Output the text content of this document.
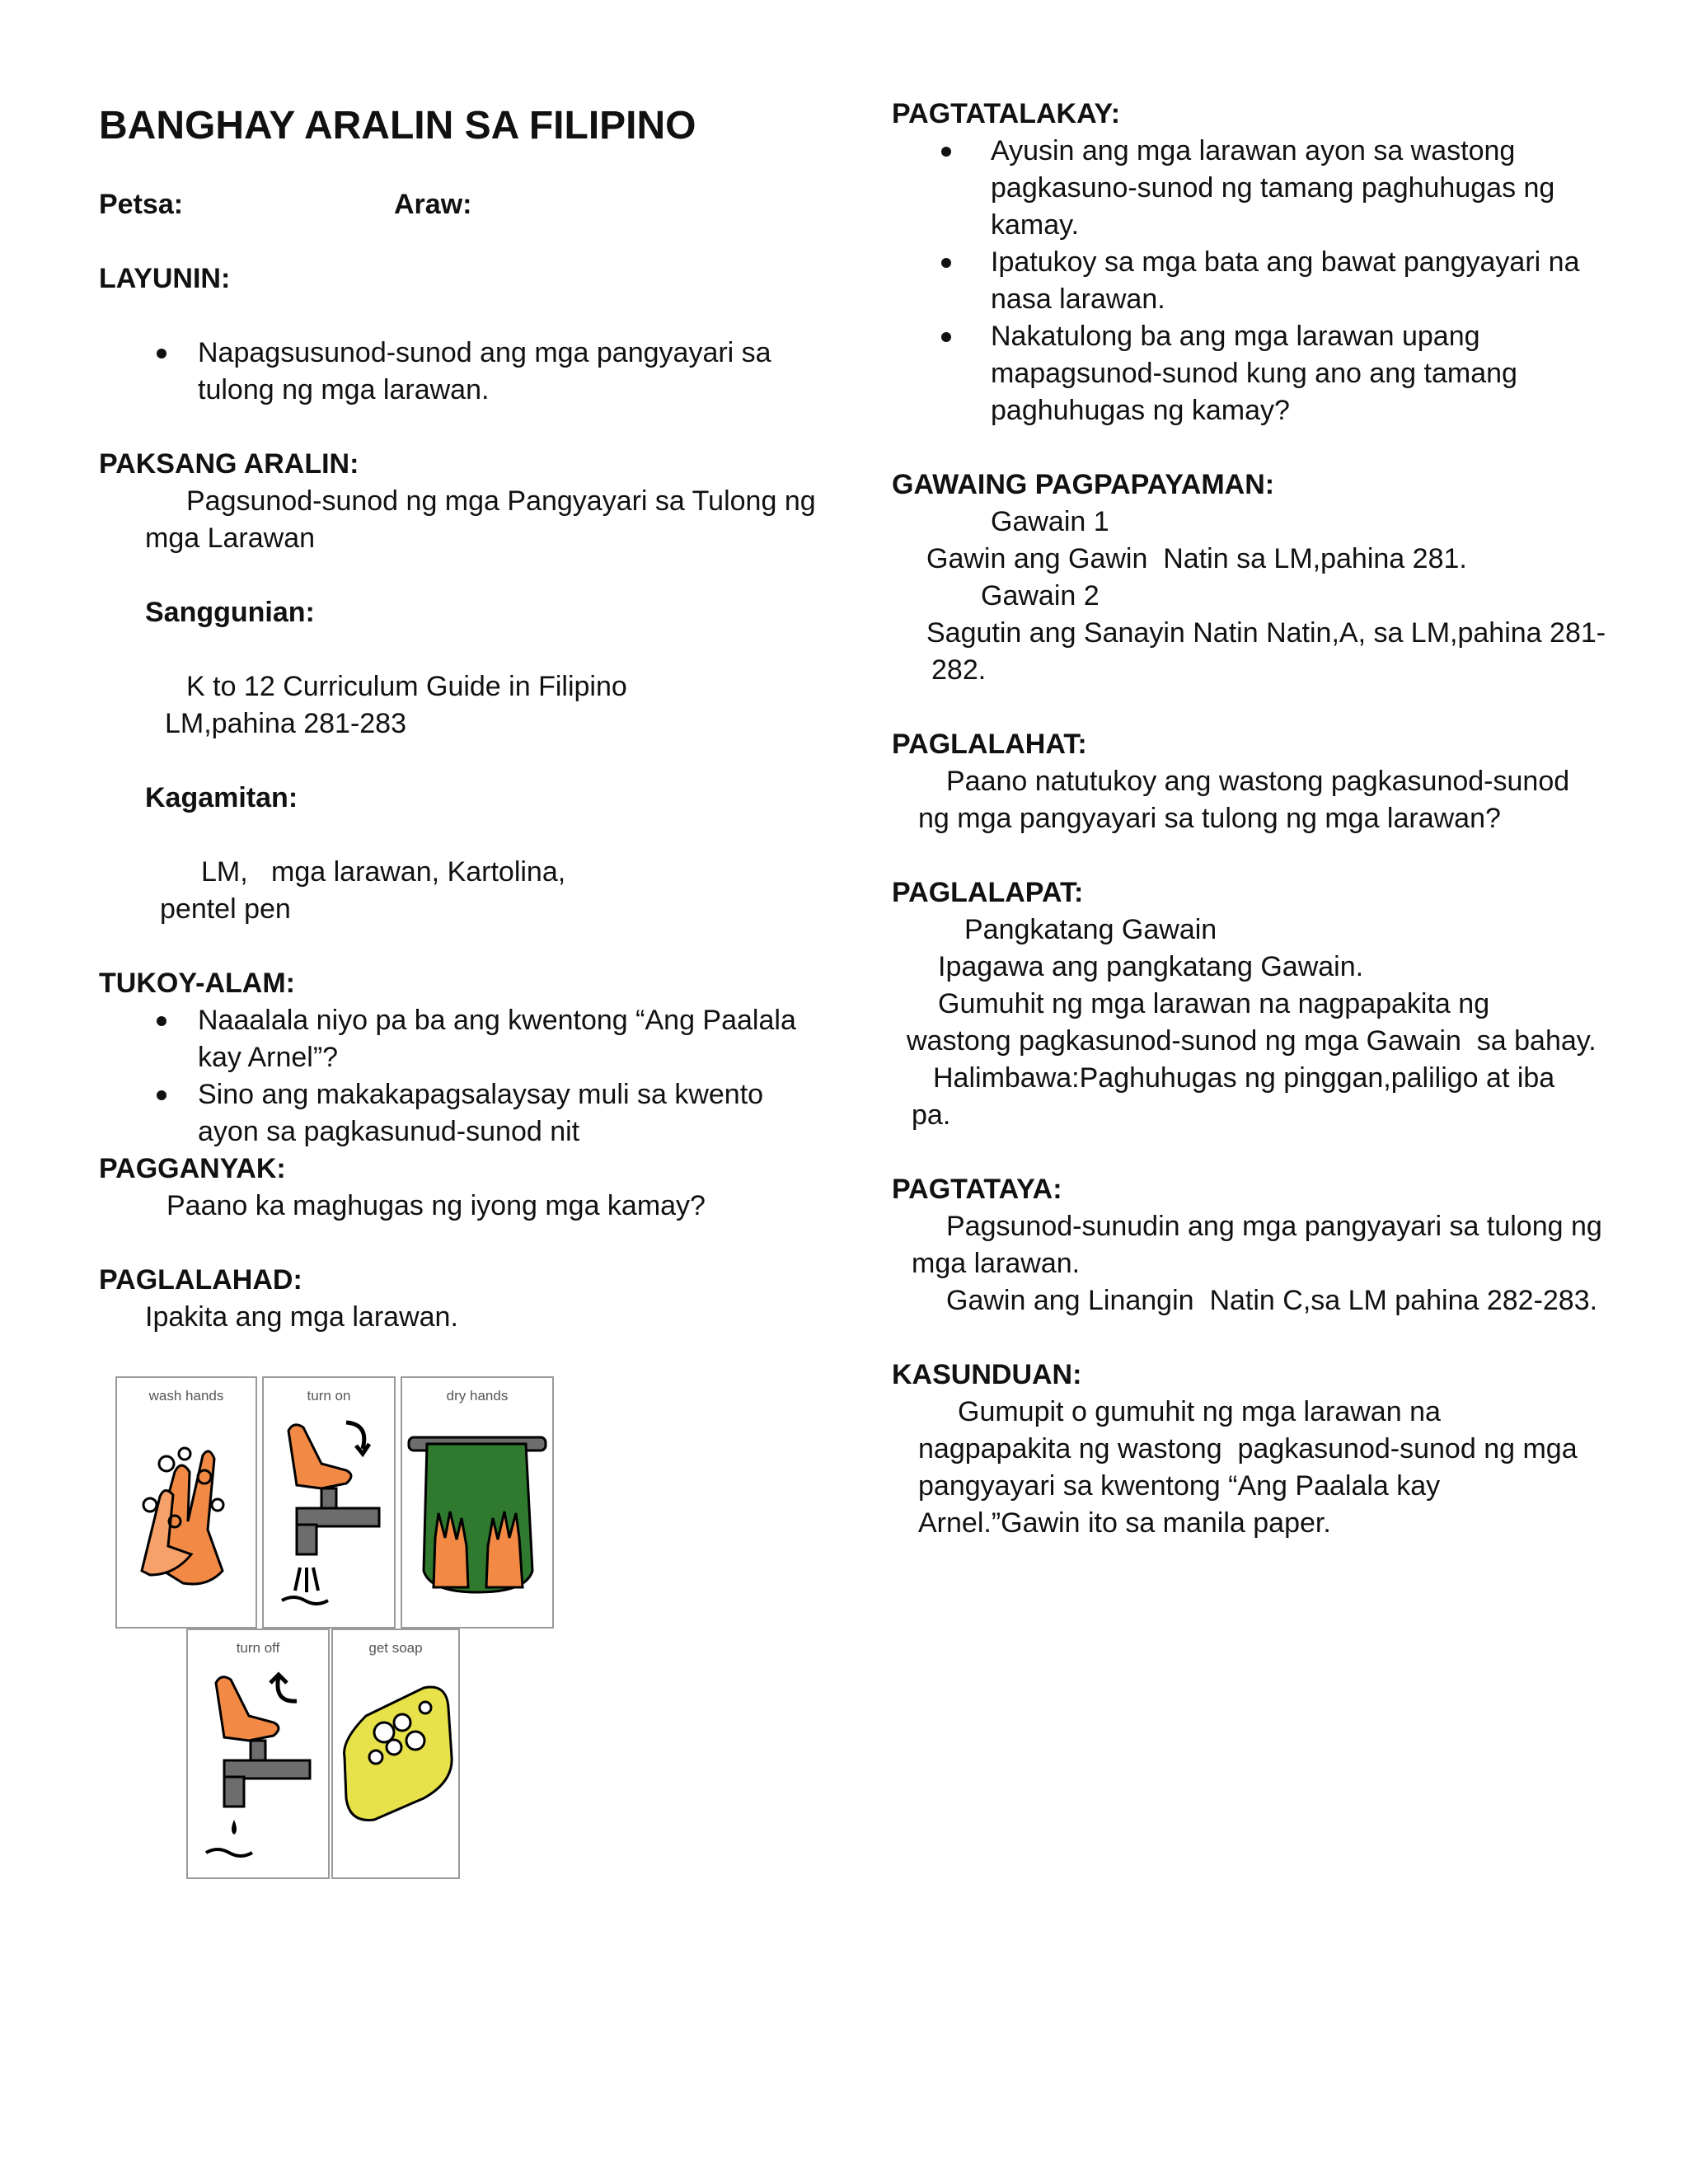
BANGHAY ARALIN SA FILIPINO
Petsa:	Araw:

LAYUNIN:

Napagsusunod-sunod ang mga pangyayari sa tulong ng mga larawan.

PAKSANG ARALIN:

Pagsunod-sunod ng mga Pangyayari sa Tulong ng

mga Larawan

Sanggunian:

K to 12 Curriculum Guide in Filipino

LM,pahina 281-283

Kagamitan:

LM,   mga larawan, Kartolina,

pentel pen

TUKOY-ALAM:

Naaalala niyo pa ba ang kwentong “Ang Paalala kay Arnel”?
Sino ang makakapagsalaysay muli sa kwento ayon sa pagkasunud-sunod nit

PAGGANYAK:

Paano ka maghugas ng iyong mga kamay?

PAGLALAHAD:

Ipakita ang mga larawan.

wash hands	turn on	dry hands
turn off	get soap

PAGTATALAKAY:

Ayusin ang mga larawan ayon sa wastong pagkasuno-sunod ng tamang paghuhugas ng kamay.
Ipatukoy sa mga bata ang bawat pangyayari na nasa larawan.
Nakatulong ba ang mga larawan upang mapagsunod-sunod kung ano ang tamang paghuhugas ng kamay?

GAWAING PAGPAPAYAMAN:

Gawain 1

Gawin ang Gawin  Natin sa LM,pahina 281.

Gawain 2

Sagutin ang Sanayin Natin Natin,A, sa LM,pahina 281-

282.

PAGLALAHAT:

Paano natutukoy ang wastong pagkasunod-sunod

ng mga pangyayari sa tulong ng mga larawan?

PAGLALAPAT:

Pangkatang Gawain

Ipagawa ang pangkatang Gawain.

Gumuhit ng mga larawan na nagpapakita ng

wastong pagkasunod-sunod ng mga Gawain  sa bahay.

Halimbawa:Paghuhugas ng pinggan,paliligo at iba

pa.

PAGTATAYA:

Pagsunod-sunudin ang mga pangyayari sa tulong ng

mga larawan.

Gawin ang Linangin  Natin C,sa LM pahina 282-283.

KASUNDUAN:

Gumupit o gumuhit ng mga larawan na

nagpapakita ng wastong  pagkasunod-sunod ng mga

pangyayari sa kwentong “Ang Paalala kay

Arnel.”Gawin ito sa manila paper.
